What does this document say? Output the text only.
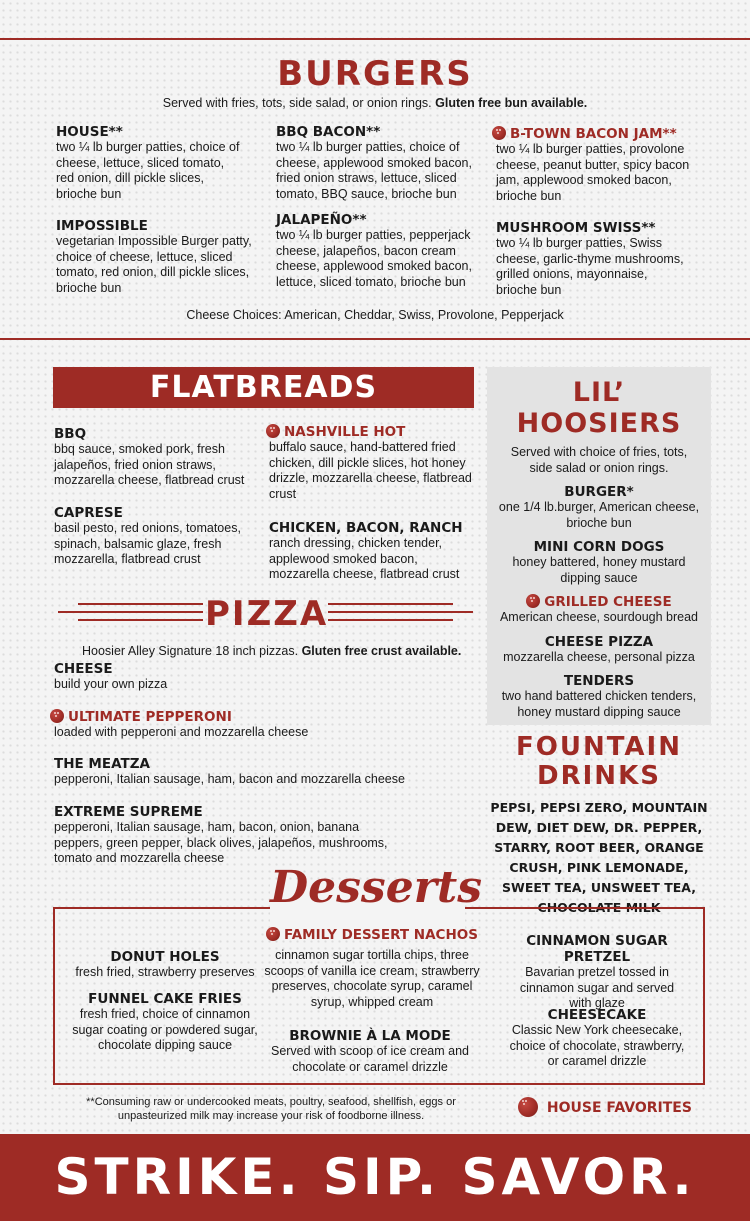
BURGERS
Served with fries, tots, side salad, or onion rings. Gluten free bun available.
HOUSE**
two ¼ lb burger patties, choice of cheese, lettuce, sliced tomato, red onion, dill pickle slices, brioche bun
BBQ BACON**
two ¼ lb burger patties, choice of cheese, applewood smoked bacon, fried onion straws, lettuce, sliced tomato, BBQ sauce, brioche bun
B-TOWN BACON JAM**
two ¼ lb burger patties, provolone cheese, peanut butter, spicy bacon jam, applewood smoked bacon, brioche bun
IMPOSSIBLE
vegetarian Impossible Burger patty, choice of cheese, lettuce, sliced tomato, red onion, dill pickle slices, brioche bun
JALAPEÑO**
two ¼ lb burger patties, pepperjack cheese, jalapeños, bacon cream cheese, applewood smoked bacon, lettuce, sliced tomato, brioche bun
MUSHROOM SWISS**
two ¼ lb burger patties, Swiss cheese, garlic-thyme mushrooms, grilled onions, mayonnaise, brioche bun
Cheese Choices: American, Cheddar, Swiss, Provolone, Pepperjack
FLATBREADS
BBQ
bbq sauce, smoked pork, fresh jalapeños, fried onion straws, mozzarella cheese, flatbread crust
NASHVILLE HOT
buffalo sauce, hand-battered fried chicken, dill pickle slices, hot honey drizzle, mozzarella cheese, flatbread crust
CAPRESE
basil pesto, red onions, tomatoes, spinach, balsamic glaze, fresh mozzarella, flatbread crust
CHICKEN, BACON, RANCH
ranch dressing, chicken tender, applewood smoked bacon, mozzarella cheese, flatbread crust
PIZZA
Hoosier Alley Signature 18 inch pizzas. Gluten free crust available.
CHEESE
build your own pizza
ULTIMATE PEPPERONI
loaded with pepperoni and mozzarella cheese
THE MEATZA
pepperoni, Italian sausage, ham, bacon and mozzarella cheese
EXTREME SUPREME
pepperoni, Italian sausage, ham, bacon, onion, banana peppers, green pepper, black olives, jalapeños, mushrooms, tomato and mozzarella cheese
LIL’ HOOSIERS
Served with choice of fries, tots, side salad or onion rings.
BURGER*
one 1/4 lb.burger, American cheese, brioche bun
MINI CORN DOGS
honey battered, honey mustard dipping sauce
GRILLED CHEESE
American cheese, sourdough bread
CHEESE PIZZA
mozzarella cheese, personal pizza
TENDERS
two hand battered chicken tenders, honey mustard dipping sauce
FOUNTAIN
DRINKS
PEPSI, PEPSI ZERO, MOUNTAIN DEW, DIET DEW, DR. PEPPER, STARRY, ROOT BEER, ORANGE CRUSH, PINK LEMONADE, SWEET TEA, UNSWEET TEA, CHOCOLATE MILK
Desserts
DONUT HOLES
fresh fried, strawberry preserves
FUNNEL CAKE FRIES
fresh fried, choice of cinnamon sugar coating or powdered sugar, chocolate dipping sauce
FAMILY DESSERT NACHOS
cinnamon sugar tortilla chips, three scoops of vanilla ice cream, strawberry preserves, chocolate syrup, caramel syrup, whipped cream
BROWNIE À LA MODE
Served with scoop of ice cream and chocolate or caramel drizzle
CINNAMON SUGAR PRETZEL
Bavarian pretzel tossed in cinnamon sugar and served with glaze
CHEESECAKE
Classic New York cheesecake, choice of chocolate, strawberry, or caramel drizzle
**Consuming raw or undercooked meats, poultry, seafood, shellfish, eggs or unpasteurized milk may increase your risk of foodborne illness.	HOUSE FAVORITES
STRIKE. SIP. SAVOR.
